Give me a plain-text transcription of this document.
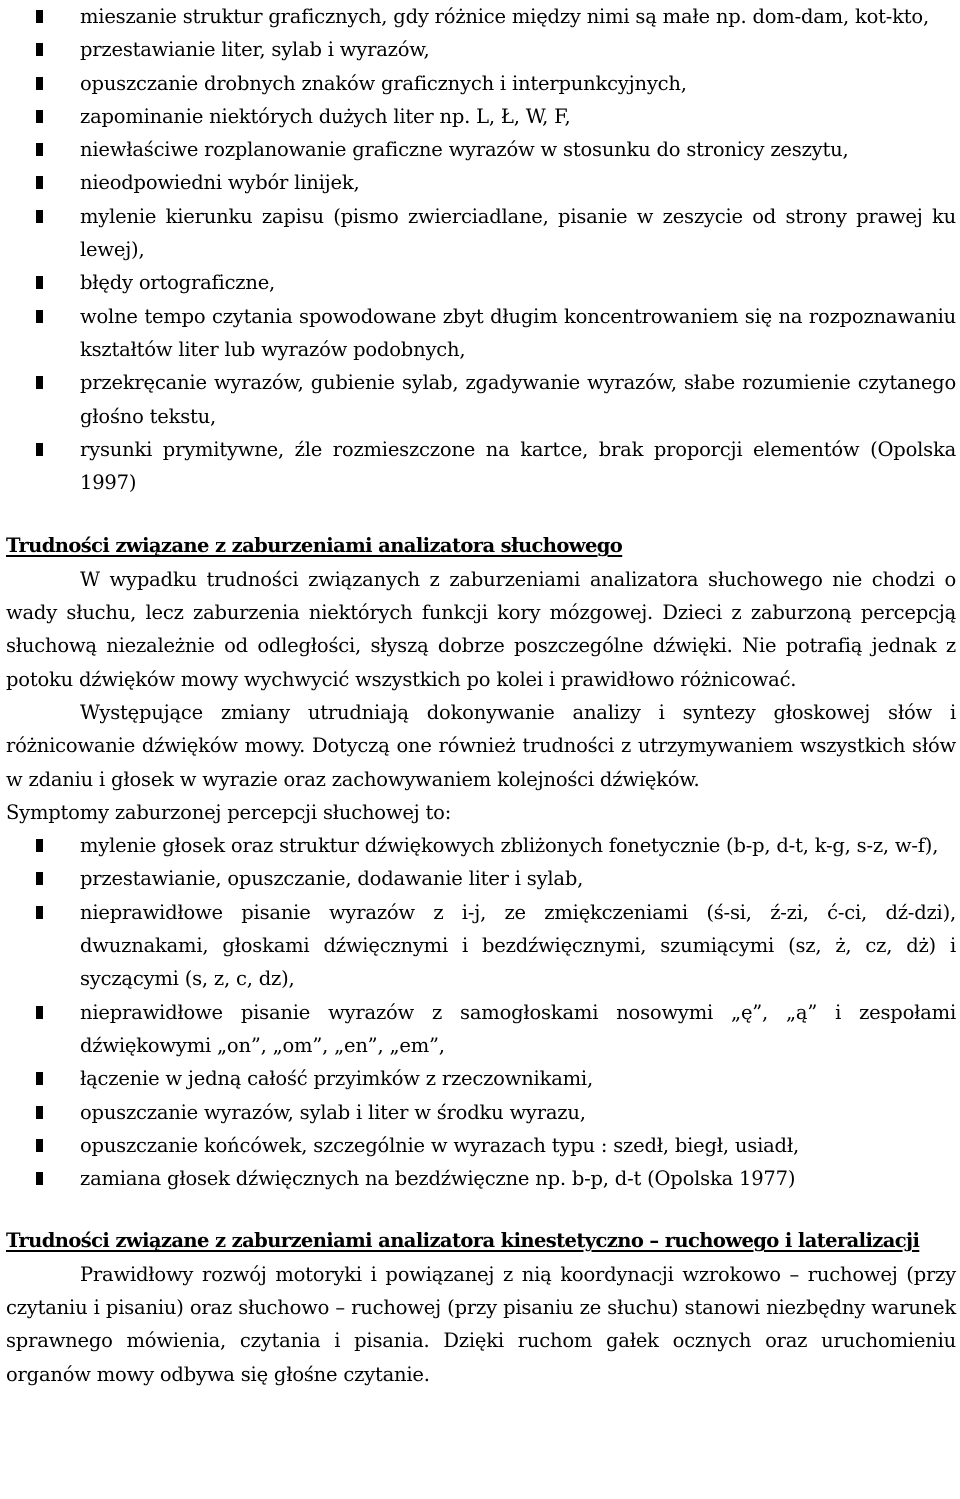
mieszanie struktur graficznych, gdy różnice między nimi są małe np. dom-dam, kot-kto,
przestawianie liter, sylab i wyrazów,
opuszczanie drobnych znaków graficznych i interpunkcyjnych,
zapominanie niektórych dużych liter np. L, Ł, W, F,
niewłaściwe rozplanowanie graficzne wyrazów w stosunku do stronicy zeszytu,
nieodpowiedni wybór linijek,
mylenie kierunku zapisu (pismo zwierciadlane, pisanie w zeszycie od strony prawej ku lewej),
błędy ortograficzne,
wolne tempo czytania spowodowane zbyt długim koncentrowaniem się na rozpoznawaniu kształtów liter lub wyrazów podobnych,
przekręcanie wyrazów, gubienie sylab, zgadywanie wyrazów, słabe rozumienie czytanego głośno tekstu,
rysunki prymitywne, źle rozmieszczone na kartce, brak proporcji elementów (Opolska 1997)
Trudności związane z zaburzeniami analizatora słuchowego

W wypadku trudności związanych z zaburzeniami analizatora słuchowego nie chodzi o wady słuchu, lecz zaburzenia niektórych funkcji kory mózgowej. Dzieci z zaburzoną percepcją słuchową niezależnie od odległości, słyszą dobrze poszczególne dźwięki. Nie potrafią jednak z potoku dźwięków mowy wychwycić wszystkich po kolei i prawidłowo różnicować.

Występujące zmiany utrudniają dokonywanie analizy i syntezy głoskowej słów i różnicowanie dźwięków mowy. Dotyczą one również trudności z utrzymywaniem wszystkich słów w zdaniu i głosek w wyrazie oraz zachowywaniem kolejności dźwięków.

Symptomy zaburzonej percepcji słuchowej to:

mylenie głosek oraz struktur dźwiękowych zbliżonych fonetycznie (b-p, d-t, k-g, s-z, w-f),
przestawianie, opuszczanie, dodawanie liter i sylab,
nieprawidłowe pisanie wyrazów z i-j, ze zmiękczeniami (ś-si, ź-zi, ć-ci, dź-dzi), dwuznakami, głoskami dźwięcznymi i bezdźwięcznymi, szumiącymi (sz, ż, cz, dż) i syczącymi (s, z, c, dz),
nieprawidłowe pisanie wyrazów z samogłoskami nosowymi „ę”, „ą” i zespołami dźwiękowymi „on”, „om”, „en”, „em”,
łączenie w jedną całość przyimków z rzeczownikami,
opuszczanie wyrazów, sylab i liter w środku wyrazu,
opuszczanie końcówek, szczególnie w wyrazach typu : szedł, biegł, usiadł,
zamiana głosek dźwięcznych na bezdźwięczne np. b-p, d-t (Opolska 1977)
Trudności związane z zaburzeniami analizatora kinestetyczno – ruchowego i lateralizacji

Prawidłowy rozwój motoryki i powiązanej z nią koordynacji wzrokowo – ruchowej (przy czytaniu i pisaniu) oraz słuchowo – ruchowej (przy pisaniu ze słuchu) stanowi niezbędny warunek sprawnego mówienia, czytania i pisania. Dzięki ruchom gałek ocznych oraz uruchomieniu organów mowy odbywa się głośne czytanie.
